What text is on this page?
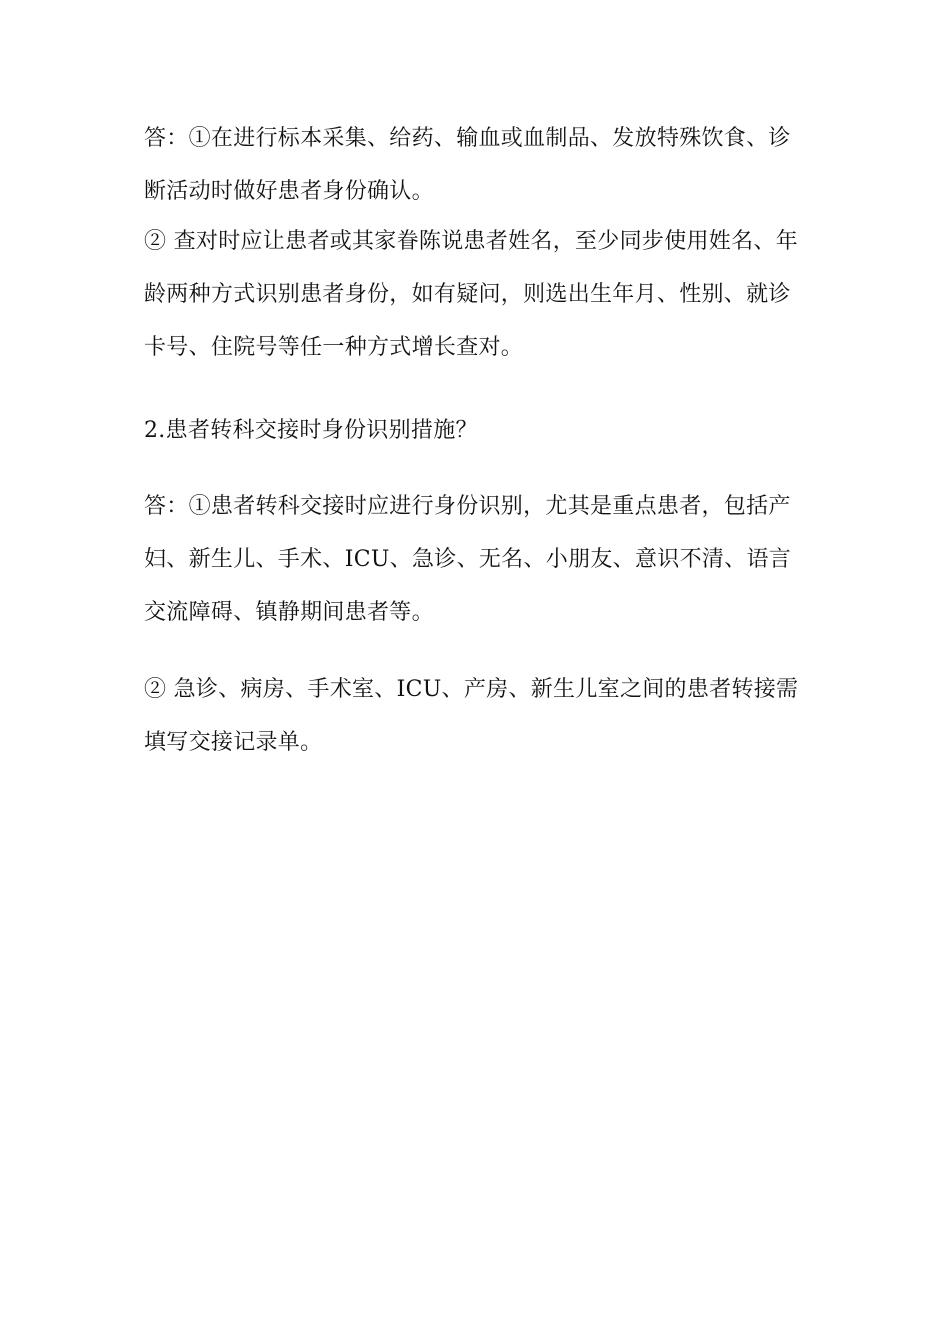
答：①在进行标本采集、给药、输血或血制品、发放特殊饮食、诊断活动时做好患者身份确认。

② 查对时应让患者或其家眷陈说患者姓名，至少同步使用姓名、年龄两种方式识别患者身份，如有疑问，则选出生年月、性别、就诊卡号、住院号等任一种方式增长查对。

2.患者转科交接时身份识别措施？

答：①患者转科交接时应进行身份识别，尤其是重点患者，包括产妇、新生儿、手术、ICU、急诊、无名、小朋友、意识不清、语言交流障碍、镇静期间患者等。

② 急诊、病房、手术室、ICU、产房、新生儿室之间的患者转接需填写交接记录单。
